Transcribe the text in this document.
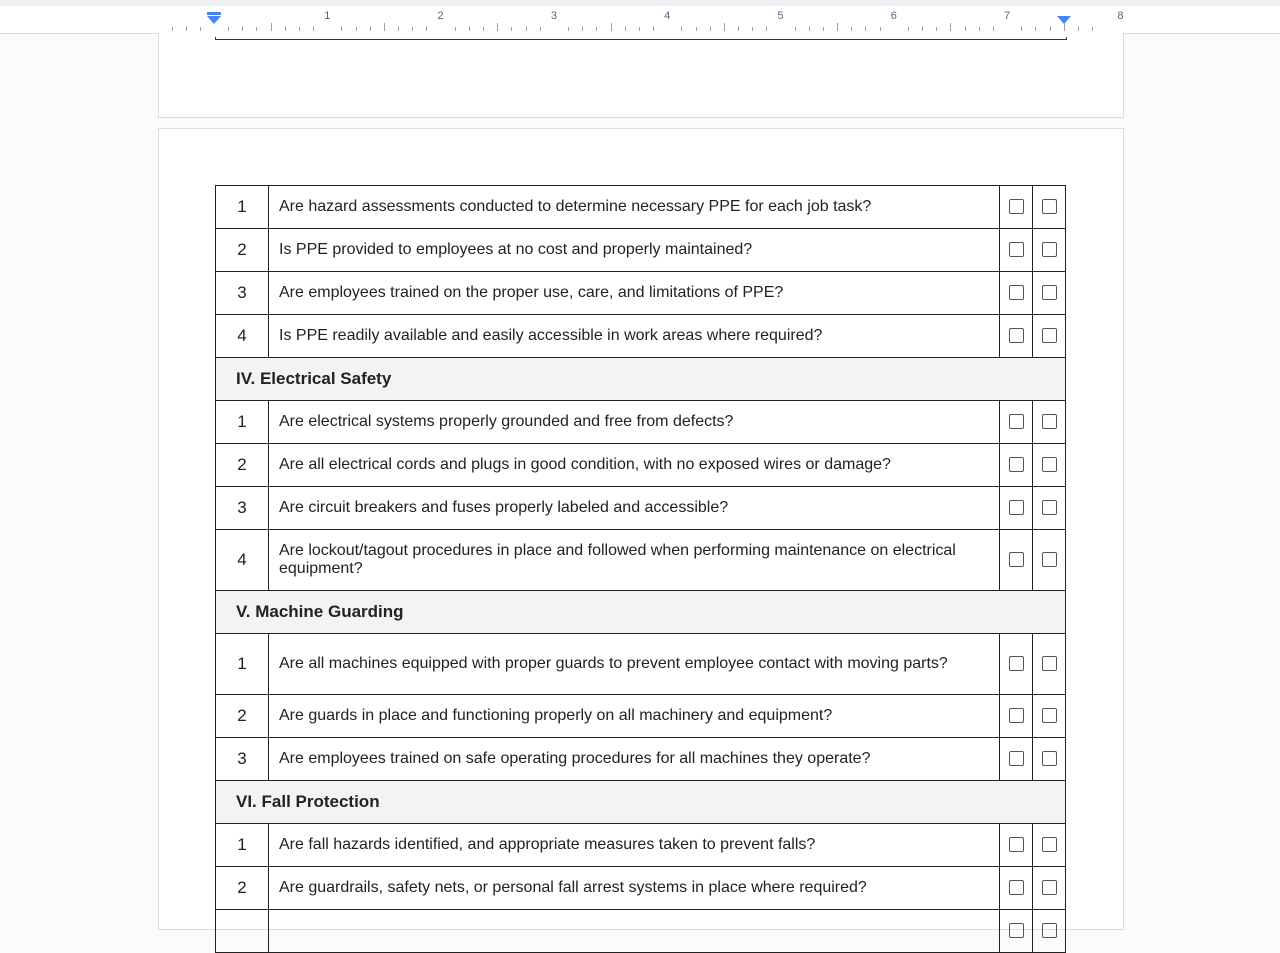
1	2	3	4	5	6	7	8
1	Are hazard assessments conducted to determine necessary PPE for each job task?		
2	Is PPE provided to employees at no cost and properly maintained?		
3	Are employees trained on the proper use, care, and limitations of PPE?		
4	Is PPE readily available and easily accessible in work areas where required?		
IV. Electrical Safety			
1	Are electrical systems properly grounded and free from defects?		
2	Are all electrical cords and plugs in good condition, with no exposed wires or damage?		
3	Are circuit breakers and fuses properly labeled and accessible?		
4	Are lockout/tagout procedures in place and followed when performing maintenance on electrical equipment?		
V. Machine Guarding			
1	Are all machines equipped with proper guards to prevent employee contact with moving parts?		
2	Are guards in place and functioning properly on all machinery and equipment?		
3	Are employees trained on safe operating procedures for all machines they operate?		
VI. Fall Protection			
1	Are fall hazards identified, and appropriate measures taken to prevent falls?		
2	Are guardrails, safety nets, or personal fall arrest systems in place where required?		
